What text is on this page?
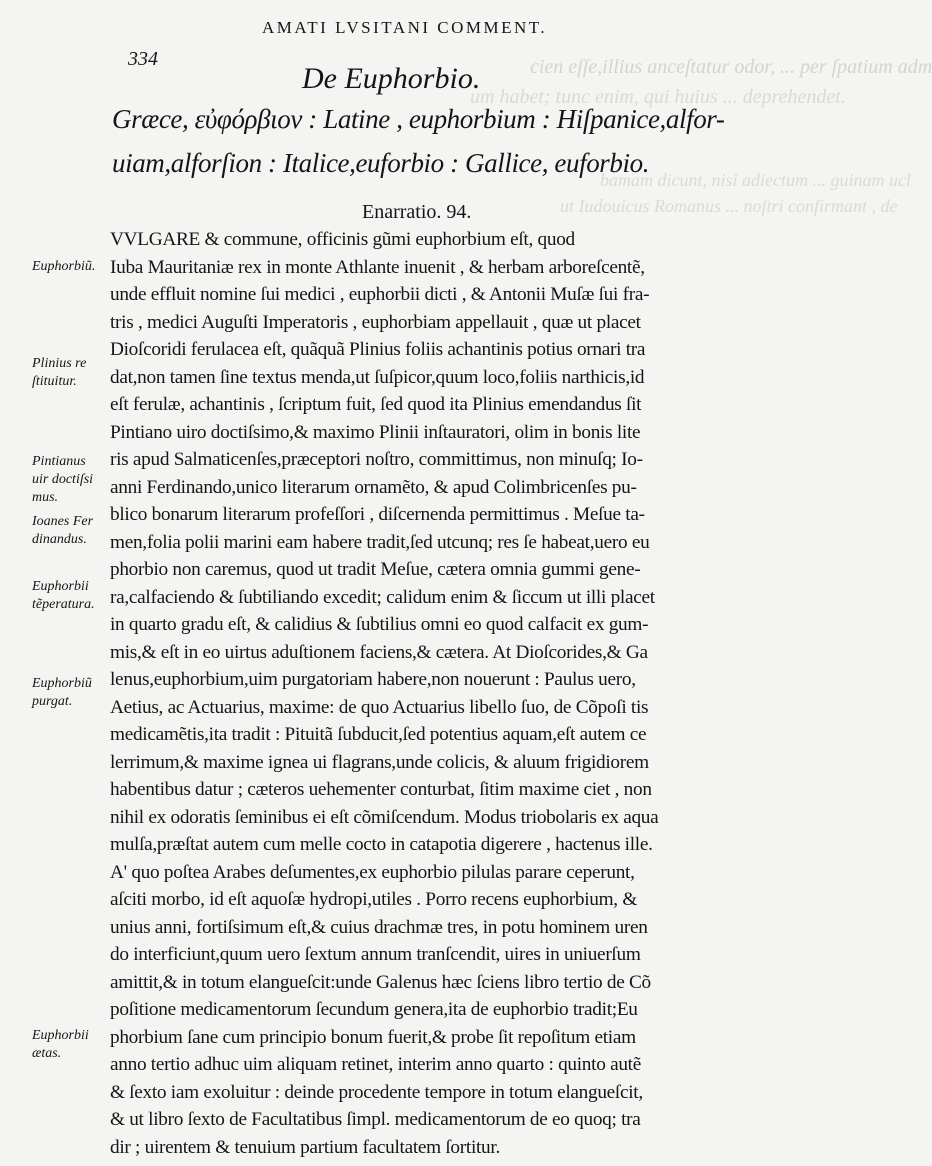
cien eſſe,illius anceſtatur odor, ... per ſpatium adm
um habet; tunc enim, qui huius ... deprehendet.
bamam dicunt, nisi adiectum ... guinam ucl
ut Iudouicus Romanus ... noſtri confirmant , de
AMATI LVSITANI COMMENT.
334
De Euphorbio.
Græce, εὐφόρβιον : Latine , euphorbium : Hiſpanice,alfor-
uiam,alforſion : Italice,euforbio : Gallice, euforbio.
Enarratio. 94.
VVLGARE & commune, officinis gũmi euphorbium eſt, quod
Iuba Mauritaniæ rex in monte Athlante inuenit , & herbam arboreſcentẽ,
unde effluit nomine ſui medici , euphorbii dicti , & Antonii Muſæ ſui fra-
tris , medici Auguſti Imperatoris , euphorbiam appellauit , quæ ut placet
Dioſcoridi ferulacea eſt, quãquã Plinius foliis achantinis potius ornari tra
dat,non tamen ſine textus menda,ut ſuſpicor,quum loco,foliis narthicis,id
eſt ferulæ, achantinis , ſcriptum fuit, ſed quod ita Plinius emendandus ſit
Pintiano uiro doctiſsimo,& maximo Plinii inſtauratori, olim in bonis lite
ris apud Salmaticenſes,præceptori noſtro, committimus, non minuſq; Io-
anni Ferdinando,unico literarum ornamẽto, & apud Colimbricenſes pu-
blico bonarum literarum profeſſori , diſcernenda permittimus . Meſue ta-
men,folia polii marini eam habere tradit,ſed utcunq; res ſe habeat,uero eu
phorbio non caremus, quod ut tradit Meſue, cætera omnia gummi gene-
ra,calfaciendo & ſubtiliando excedit; calidum enim & ſiccum ut illi placet
in quarto gradu eſt, & calidius & ſubtilius omni eo quod calfacit ex gum-
mis,& eſt in eo uirtus aduſtionem faciens,& cætera. At Dioſcorides,& Ga
lenus,euphorbium,uim purgatoriam habere,non nouerunt : Paulus uero,
Aetius, ac Actuarius, maxime: de quo Actuarius libello ſuo, de Cõpoſi tis
medicamẽtis,ita tradit : Pituitã ſubducit,ſed potentius aquam,eſt autem ce
lerrimum,& maxime ignea ui flagrans,unde colicis, & aluum frigidiorem
habentibus datur ; cæteros uehementer conturbat, ſitim maxime ciet , non
nihil ex odoratis ſeminibus ei eſt cõmiſcendum. Modus triobolaris ex aqua
mulſa,præſtat autem cum melle cocto in catapotia digerere , hactenus ille.
A' quo poſtea Arabes deſumentes,ex euphorbio pilulas parare ceperunt,
aſciti morbo, id eſt aquoſæ hydropi,utiles . Porro recens euphorbium, &
unius anni, fortiſsimum eſt,& cuius drachmæ tres, in potu hominem uren
do interficiunt,quum uero ſextum annum tranſcendit, uires in uniuerſum
amittit,& in totum elangueſcit:unde Galenus hæc ſciens libro tertio de Cõ
poſitione medicamentorum ſecundum genera,ita de euphorbio tradit;Eu
phorbium ſane cum principio bonum fuerit,& probe ſit repoſitum etiam
anno tertio adhuc uim aliquam retinet, interim anno quarto : quinto autẽ
& ſexto iam exoluitur : deinde procedente tempore in totum elangueſcit,
& ut libro ſexto de Facultatibus ſimpl. medicamentorum de eo quoq; tra
dir ; uirentem & tenuium partium facultatem ſortitur.
Euphorbiũ.
Plinius re
ſtituitur.
Pintianus
uir doctiſsi
mus.
Ioanes Fer
dinandus.
Euphorbii
tẽperatura.
Euphorbiũ
purgat.
Euphorbii
ætas.
